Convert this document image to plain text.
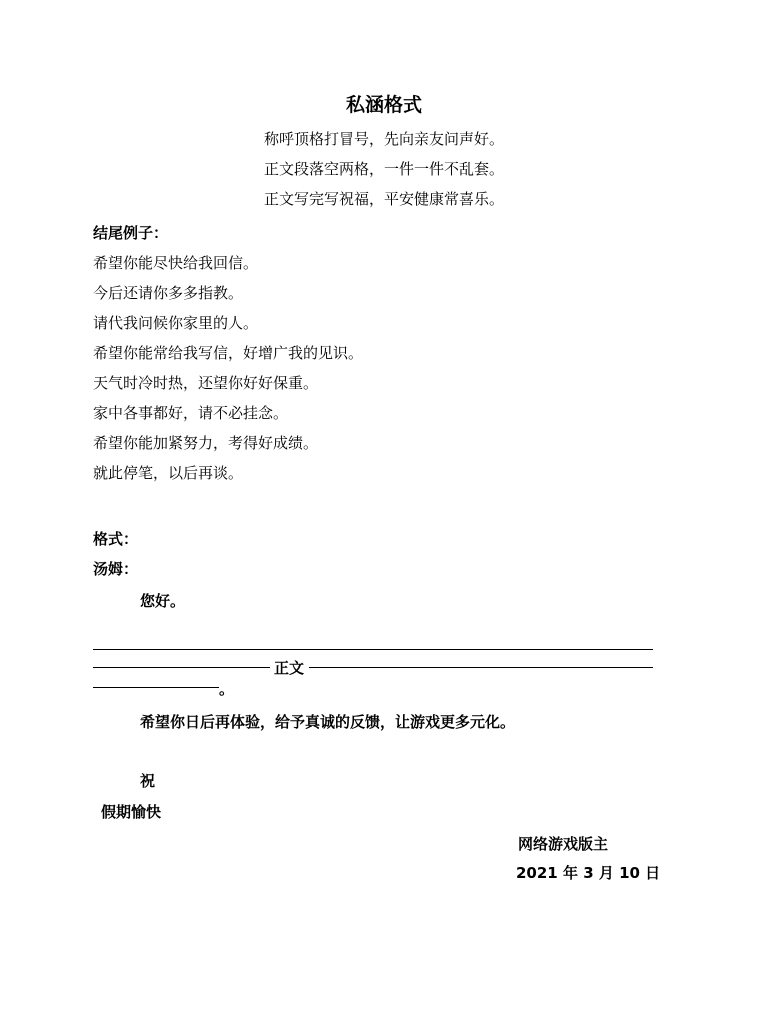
私涵格式
称呼顶格打冒号，先向亲友问声好。
正文段落空两格，一件一件不乱套。
正文写完写祝福，平安健康常喜乐。
结尾例子：
希望你能尽快给我回信。
今后还请你多多指教。
请代我问候你家里的人。
希望你能常给我写信，好增广我的见识。
天气时冷时热，还望你好好保重。
家中各事都好，请不必挂念。
希望你能加紧努力，考得好成绩。
就此停笔，以后再谈。
格式：
汤姆：
您好。
正文
。
希望你日后再体验，给予真诚的反馈，让游戏更多元化。
祝
假期愉快
网络游戏版主
2021 年 3 月 10 日
